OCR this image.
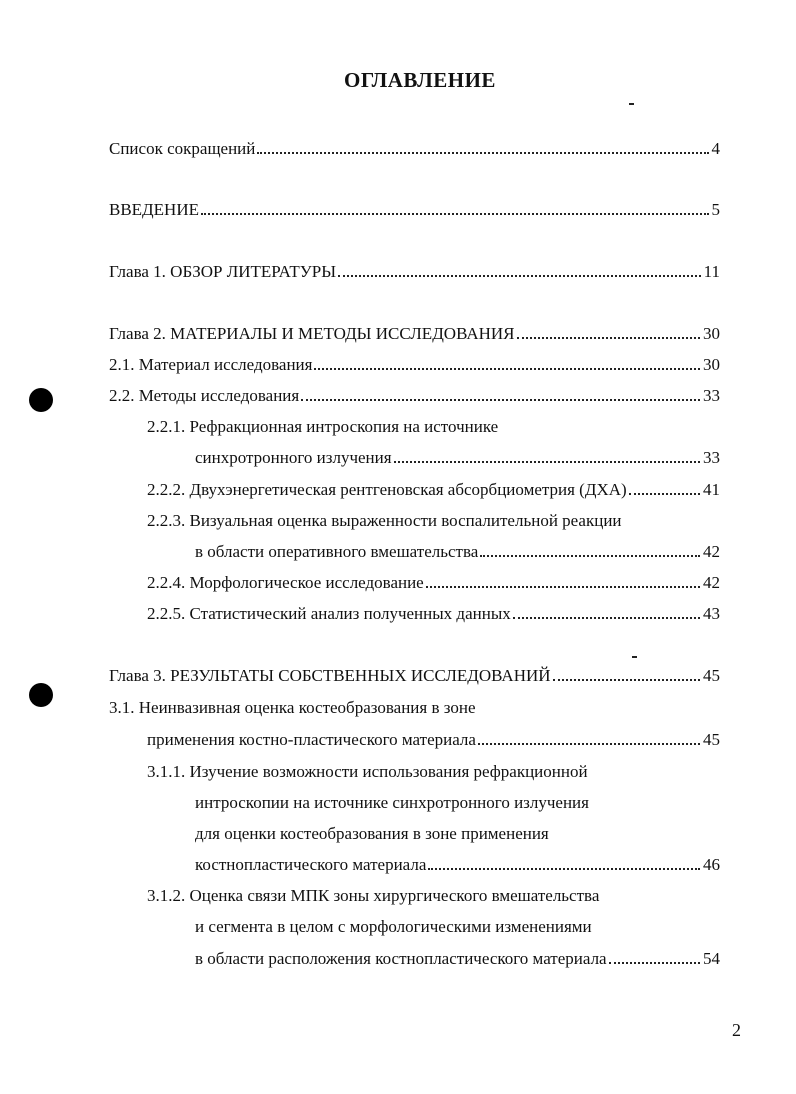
ОГЛАВЛЕНИЕ
Список сокращений	4
ВВЕДЕНИЕ	5
Глава 1. ОБЗОР ЛИТЕРАТУРЫ	11
Глава 2. МАТЕРИАЛЫ И МЕТОДЫ ИССЛЕДОВАНИЯ	30
2.1. Материал исследования	30
2.2. Методы исследования	33
2.2.1. Рефракционная интроскопия на источнике
синхротронного излучения	33
2.2.2. Двухэнергетическая рентгеновская абсорбциометрия (ДХА)	41
2.2.3. Визуальная оценка выраженности воспалительной реакции
в области оперативного вмешательства	42
2.2.4. Морфологическое исследование	42
2.2.5. Статистический анализ полученных данных	43
Глава 3. РЕЗУЛЬТАТЫ СОБСТВЕННЫХ ИССЛЕДОВАНИЙ	45
3.1. Неинвазивная оценка костеобразования в зоне
применения костно-пластического материала	45
3.1.1. Изучение возможности использования рефракционной
интроскопии на источнике синхротронного излучения
для оценки костеобразования в зоне применения
костнопластического материала	46
3.1.2. Оценка связи МПК зоны хирургического вмешательства
и сегмента в целом с морфологическими изменениями
в области расположения костнопластического материала	54
2
